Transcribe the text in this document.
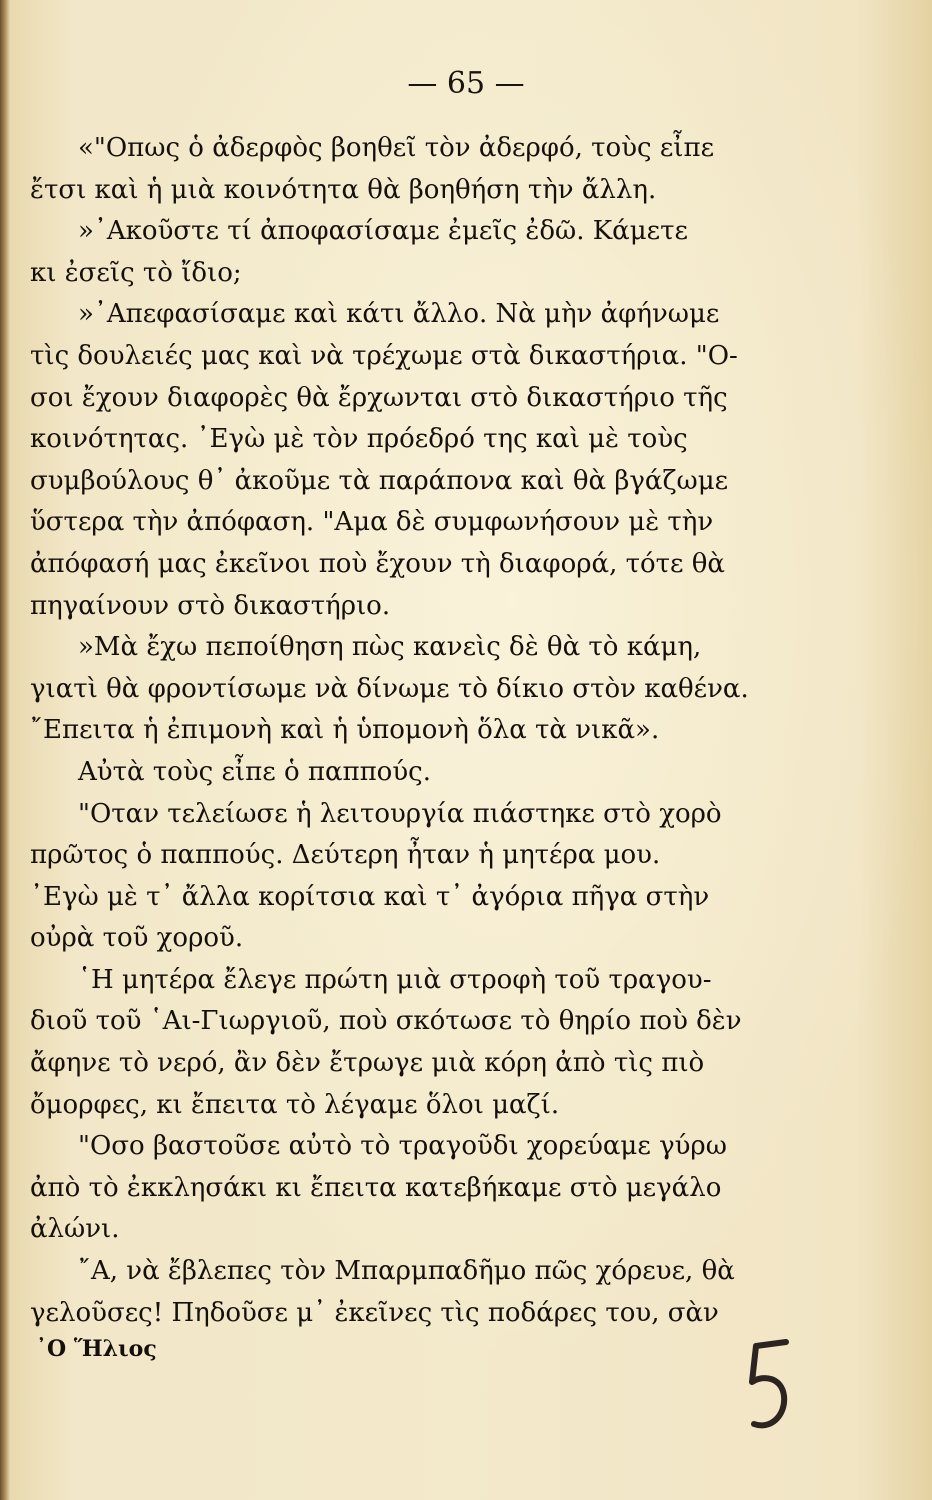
— 65 —
«"Οπως ὁ ἀδερφὸς βοηθεῖ τὸν ἀδερφό, τοὺς εἶπε
ἔτσι καὶ ἡ μιὰ κοινότητα θὰ βοηθήση τὴν ἄλλη.
»᾿Ακοῦστε τί ἀποφασίσαμε ἐμεῖς ἐδῶ. Κάμετε
κι ἐσεῖς τὸ ἴδιο;
»᾿Απεφασίσαμε καὶ κάτι ἄλλο. Νὰ μὴν ἀφήνωμε
τὶς δουλειές μας καὶ νὰ τρέχωμε στὰ δικαστήρια. "Ο-
σοι ἔχουν διαφορὲς θὰ ἔρχωνται στὸ δικαστήριο τῆς
κοινότητας. ᾿Εγὼ μὲ τὸν πρόεδρό της καὶ μὲ τοὺς
συμβούλους θ᾿ ἀκοῦμε τὰ παράπονα καὶ θὰ βγάζωμε
ὕστερα τὴν ἀπόφαση. "Αμα δὲ συμφωνήσουν μὲ τὴν
ἀπόφασή μας ἐκεῖνοι ποὺ ἔχουν τὴ διαφορά, τότε θὰ
πηγαίνουν στὸ δικαστήριο.
»Μὰ ἔχω πεποίθηση πὼς κανεὶς δὲ θὰ τὸ κάμη,
γιατὶ θὰ φροντίσωμε νὰ δίνωμε τὸ δίκιο στὸν καθένα.
῎Επειτα ἡ ἐπιμονὴ καὶ ἡ ὑπομονὴ ὅλα τὰ νικᾶ».
Αὐτὰ τοὺς εἶπε ὁ παππούς.
"Οταν τελείωσε ἡ λειτουργία πιάστηκε στὸ χορὸ
πρῶτος ὁ παππούς. Δεύτερη ἦταν ἡ μητέρα μου.
᾿Εγὼ μὲ τ᾿ ἄλλα κορίτσια καὶ τ᾿ ἀγόρια πῆγα στὴν
οὐρὰ τοῦ χοροῦ.
῾Η μητέρα ἔλεγε πρώτη μιὰ στροφὴ τοῦ τραγου-
διοῦ τοῦ ῾Αι-Γιωργιοῦ, ποὺ σκότωσε τὸ θηρίο ποὺ δὲν
ἄφηνε τὸ νερό, ἂν δὲν ἔτρωγε μιὰ κόρη ἀπὸ τὶς πιὸ
ὄμορφες, κι ἔπειτα τὸ λέγαμε ὅλοι μαζί.
"Οσο βαστοῦσε αὐτὸ τὸ τραγοῦδι χορεύαμε γύρω
ἀπὸ τὸ ἐκκλησάκι κι ἔπειτα κατεβήκαμε στὸ μεγάλο
ἀλώνι.
῎Α, νὰ ἔβλεπες τὸν Μπαρμπαδῆμο πῶς χόρευε, θὰ
γελοῦσες! Πηδοῦσε μ᾿ ἐκεῖνες τὶς ποδάρες του, σὰν
᾿Ο Ἥλιος
